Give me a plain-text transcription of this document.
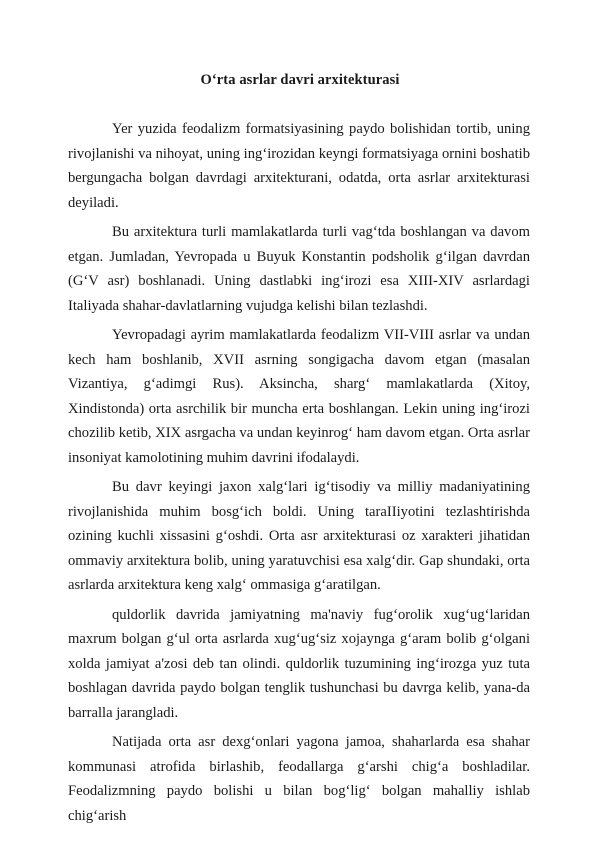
O‘rta asrlar davri arxitekturasi

Yer yuzida feodalizm formatsiyasining paydo bolishidan tortib, uning rivojlanishi va nihoyat, uning ing‘irozidan keyngi formatsiyaga ornini boshatib bergungacha bolgan davrdagi arxitekturani, odatda, orta asrlar arxitekturasi deyiladi.

Bu arxitektura turli mamlakatlarda turli vag‘tda boshlangan va davom etgan. Jumladan, Yevropada u Buyuk Konstantin podsholik g‘ilgan davrdan (G‘V asr) boshlanadi. Uning dastlabki ing‘irozi esa XIII-XIV asrlardagi Italiyada shahar-davlatlarning vujudga kelishi bilan tezlashdi.

Yevropadagi ayrim mamlakatlarda feodalizm VII-VIII asrlar va undan kech ham boshlanib, XVII asrning songigacha davom etgan (masalan Vizantiya, g‘adimgi Rus). Aksincha, sharg‘ mamlakatlarda (Xitoy, Xindistonda) orta asrchilik bir muncha erta boshlangan. Lekin uning ing‘irozi chozilib ketib, XIX asrgacha va undan keyinrog‘ ham davom etgan. Orta asrlar insoniyat kamolotining muhim davrini ifodalaydi.

Bu davr keyingi jaxon xalg‘lari ig‘tisodiy va milliy madaniyatining rivojlanishida muhim bosg‘ich boldi. Uning taraIIiyotini tezlashtirishda ozining kuchli xissasini g‘oshdi. Orta asr arxitekturasi oz xarakteri jihatidan ommaviy arxitektura bolib, uning yaratuvchisi esa xalg‘dir. Gap shundaki, orta asrlarda arxitektura keng xalg‘ ommasiga g‘aratilgan.

quldorlik davrida jamiyatning ma'naviy fug‘orolik xug‘ug‘laridan maxrum bolgan g‘ul orta asrlarda xug‘ug‘siz xojaynga g‘aram bolib g‘olgani xolda jamiyat a'zosi deb tan olindi. quldorlik tuzumining ing‘irozga yuz tuta boshlagan davrida paydo bolgan tenglik tushunchasi bu davrga kelib, yana-da barralla jarangladi.

Natijada orta asr dexg‘onlari yagona jamoa, shaharlarda esa shahar kommunasi atrofida birlashib, feodallarga g‘arshi chig‘a boshladilar. Feodalizmning paydo bolishi u bilan bog‘lig‘ bolgan mahalliy ishlab chig‘arish
